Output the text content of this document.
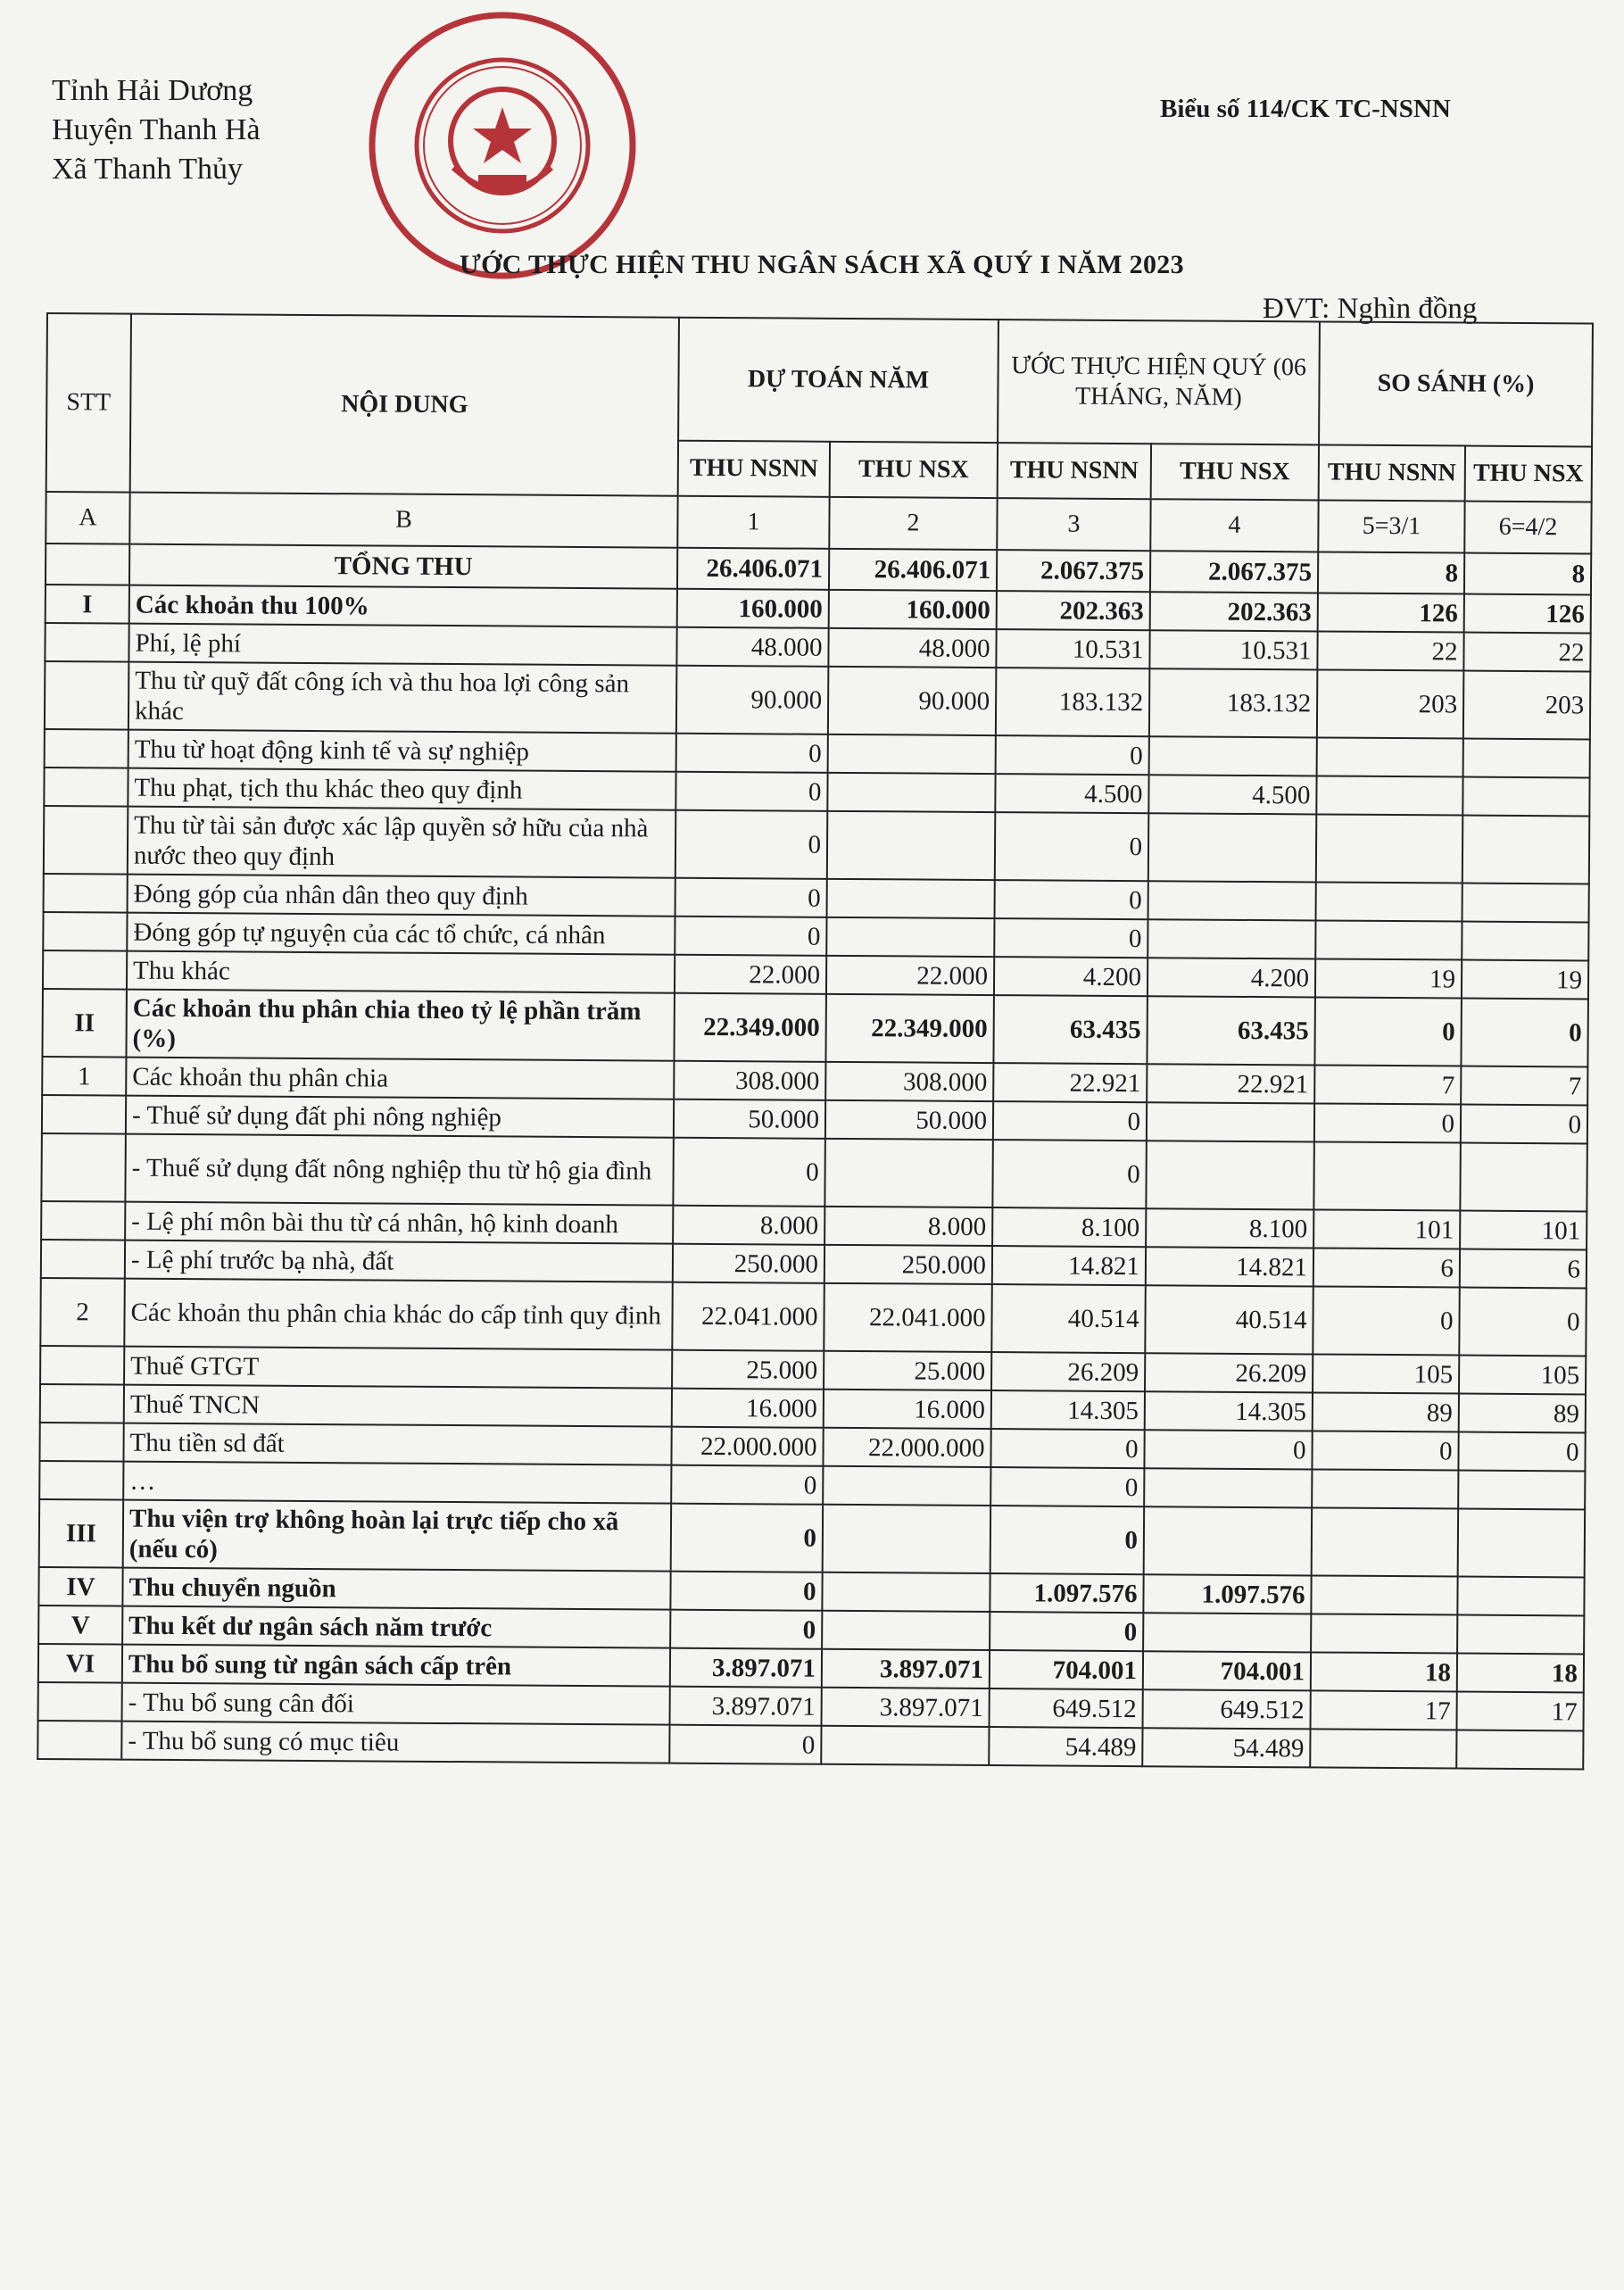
Tỉnh Hải Dương
Huyện Thanh Hà
Xã Thanh Thủy
Biểu số 114/CK TC-NSNN
ƯỚC THỰC HIỆN THU NGÂN SÁCH XÃ QUÝ I NĂM 2023
ĐVT: Nghìn đồng
STT	NỘI DUNG	DỰ TOÁN NĂM		ƯỚC THỰC HIỆN QUÝ (06 THÁNG, NĂM)		SO SÁNH (%)	
		THU NSNN	THU NSX	THU NSNN	THU NSX	THU NSNN	THU NSX
A	B	1	2	3	4	5=3/1	6=4/2
	TỔNG THU	26.406.071	26.406.071	2.067.375	2.067.375	8	8
I	Các khoản thu 100%	160.000	160.000	202.363	202.363	126	126
	Phí, lệ phí	48.000	48.000	10.531	10.531	22	22
	Thu từ quỹ đất công ích và thu hoa lợi công sản khác	90.000	90.000	183.132	183.132	203	203
	Thu từ hoạt động kinh tế và sự nghiệp	0		0			
	Thu phạt, tịch thu khác theo quy định	0		4.500	4.500		
	Thu từ tài sản được xác lập quyền sở hữu của nhà nước theo quy định	0		0			
	Đóng góp của nhân dân theo quy định	0		0			
	Đóng góp tự nguyện của các tổ chức, cá nhân	0		0			
	Thu khác	22.000	22.000	4.200	4.200	19	19
II	Các khoản thu phân chia theo tỷ lệ phần trăm (%)	22.349.000	22.349.000	63.435	63.435	0	0
1	Các khoản thu phân chia	308.000	308.000	22.921	22.921	7	7
	- Thuế sử dụng đất phi nông nghiệp	50.000	50.000	0		0	0
	- Thuế sử dụng đất nông nghiệp thu từ hộ gia đình	0		0			
	- Lệ phí môn bài thu từ cá nhân, hộ kinh doanh	8.000	8.000	8.100	8.100	101	101
	- Lệ phí trước bạ nhà, đất	250.000	250.000	14.821	14.821	6	6
2	Các khoản thu phân chia khác do cấp tỉnh quy định	22.041.000	22.041.000	40.514	40.514	0	0
	Thuế GTGT	25.000	25.000	26.209	26.209	105	105
	Thuế TNCN	16.000	16.000	14.305	14.305	89	89
	Thu tiền sd đất	22.000.000	22.000.000	0	0	0	0
	…	0		0			
III	Thu viện trợ không hoàn lại trực tiếp cho xã (nếu có)	0		0			
IV	Thu chuyển nguồn	0		1.097.576	1.097.576		
V	Thu kết dư ngân sách năm trước	0		0			
VI	Thu bổ sung từ ngân sách cấp trên	3.897.071	3.897.071	704.001	704.001	18	18
	- Thu bổ sung cân đối	3.897.071	3.897.071	649.512	649.512	17	17
	- Thu bổ sung có mục tiêu	0		54.489	54.489		
